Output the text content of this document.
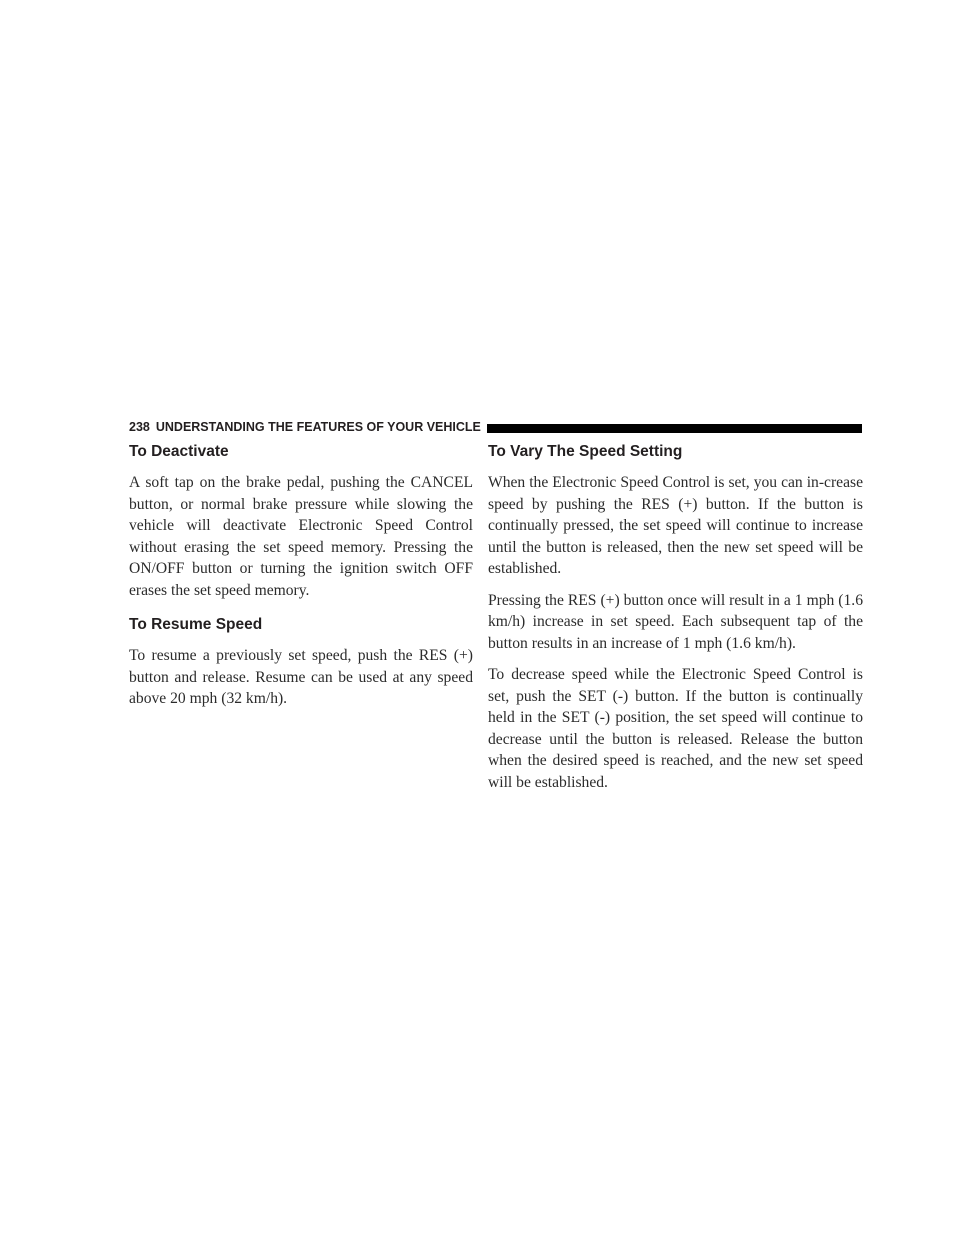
238 UNDERSTANDING THE FEATURES OF YOUR VEHICLE
To Deactivate

A soft tap on the brake pedal, pushing the CANCEL button, or normal brake pressure while slowing the vehicle will deactivate Electronic Speed Control without erasing the set speed memory. Pressing the ON/OFF button or turning the ignition switch OFF erases the set speed memory.

To Resume Speed

To resume a previously set speed, push the RES (+) button and release. Resume can be used at any speed above 20 mph (32 km/h).

To Vary The Speed Setting

When the Electronic Speed Control is set, you can in-crease speed by pushing the RES (+) button. If the button is continually pressed, the set speed will continue to increase until the button is released, then the new set speed will be established.

Pressing the RES (+) button once will result in a 1 mph (1.6 km/h) increase in set speed. Each subsequent tap of the button results in an increase of 1 mph (1.6 km/h).

To decrease speed while the Electronic Speed Control is set, push the SET (-) button. If the button is continually held in the SET (-) position, the set speed will continue to decrease until the button is released. Release the button when the desired speed is reached, and the new set speed will be established.
